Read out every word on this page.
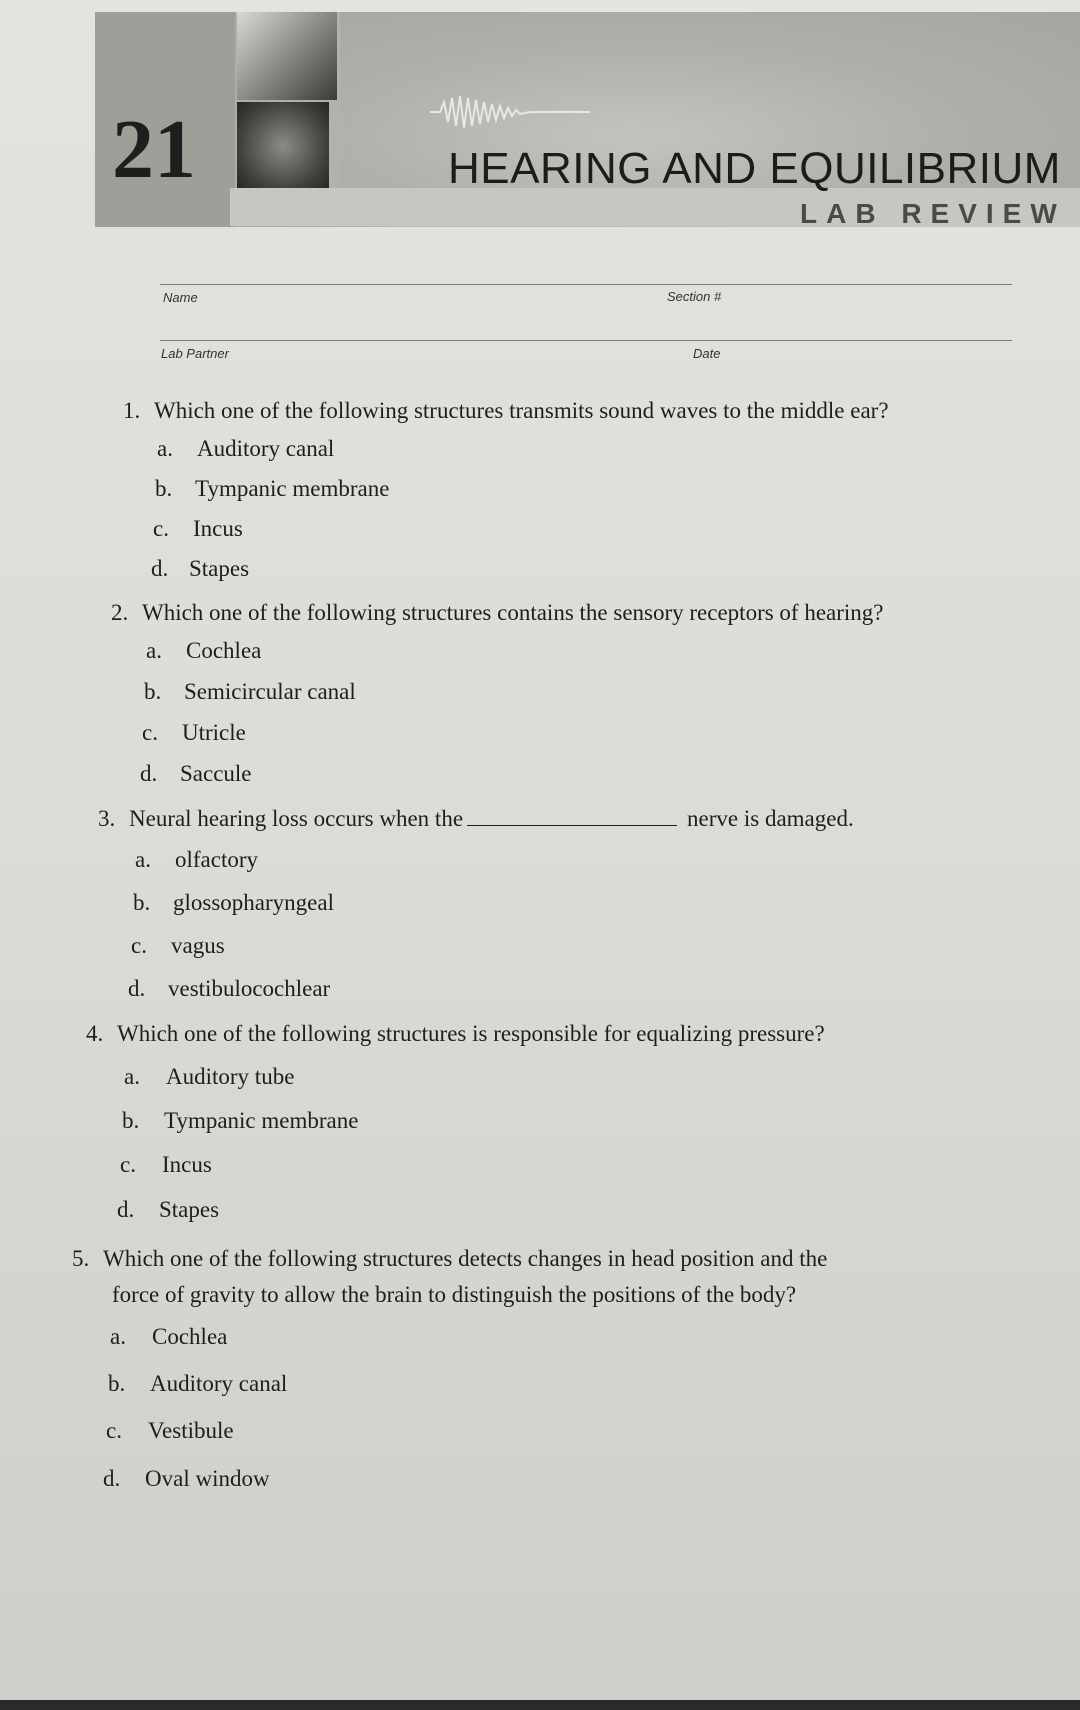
21	HEARING AND EQUILIBRIUM
LAB REVIEW
Name	Section #
Lab Partner	Date
1. Which one of the following structures transmits sound waves to the middle ear?
a. Auditory canal
b. Tympanic membrane
c. Incus
d. Stapes
2. Which one of the following structures contains the sensory receptors of hearing?
a. Cochlea
b. Semicircular canal
c. Utricle
d. Saccule
3. Neural hearing loss occurs when the	nerve is damaged.
a. olfactory
b. glossopharyngeal
c. vagus
d. vestibulocochlear
4. Which one of the following structures is responsible for equalizing pressure?
a. Auditory tube
b. Tympanic membrane
c. Incus
d. Stapes
5. Which one of the following structures detects changes in head position and the
force of gravity to allow the brain to distinguish the positions of the body?
a. Cochlea
b. Auditory canal
c. Vestibule
d. Oval window
